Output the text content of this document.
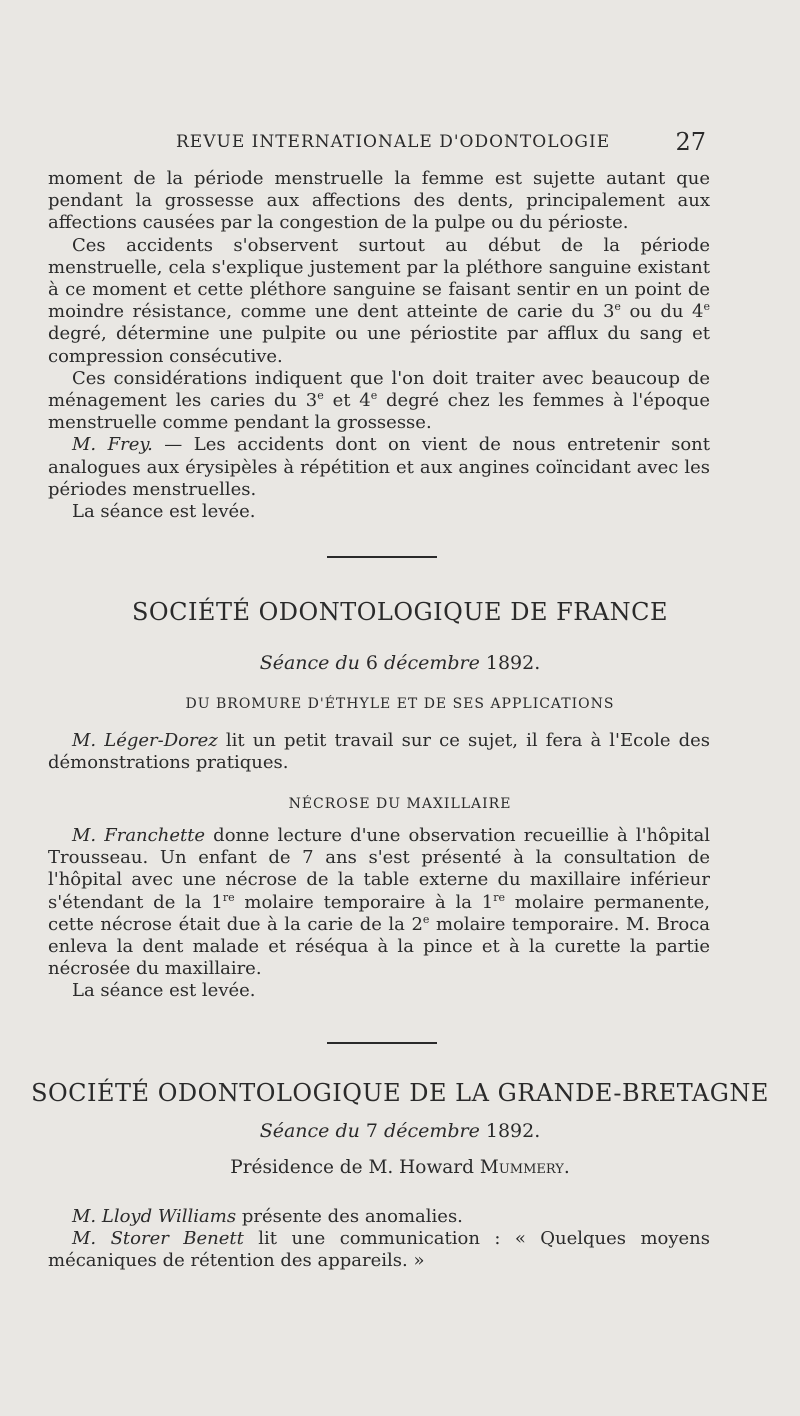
REVUE INTERNATIONALE D'ODONTOLOGIE	27

moment de la période menstruelle la femme est sujette autant que pendant la grossesse aux affections des dents, principalement aux affections causées par la congestion de la pulpe ou du périoste.

Ces accidents s'observent surtout au début de la période menstruelle, cela s'explique justement par la pléthore sanguine existant à ce moment et cette pléthore sanguine se faisant sentir en un point de moindre résistance, comme une dent atteinte de carie du 3e ou du 4e degré, détermine une pulpite ou une périostite par afflux du sang et compression consécutive.

Ces considérations indiquent que l'on doit traiter avec beaucoup de ménagement les caries du 3e et 4e degré chez les femmes à l'époque menstruelle comme pendant la grossesse.

M. Frey. — Les accidents dont on vient de nous entretenir sont analogues aux érysipèles à répétition et aux angines coïncidant avec les périodes menstruelles.

La séance est levée.

SOCIÉTÉ ODONTOLOGIQUE DE FRANCE
Séance du 6 décembre 1892.
DU BROMURE D'ÉTHYLE ET DE SES APPLICATIONS

M. Léger-Dorez lit un petit travail sur ce sujet, il fera à l'Ecole des démonstrations pratiques.

NÉCROSE DU MAXILLAIRE

M. Franchette donne lecture d'une observation recueillie à l'hôpital Trousseau. Un enfant de 7 ans s'est présenté à la consultation de l'hôpital avec une nécrose de la table externe du maxillaire inférieur s'étendant de la 1re molaire temporaire à la 1re molaire permanente, cette nécrose était due à la carie de la 2e molaire temporaire. M. Broca enleva la dent malade et réséqua à la pince et à la curette la partie nécrosée du maxillaire.

La séance est levée.

SOCIÉTÉ ODONTOLOGIQUE DE LA GRANDE-BRETAGNE
Séance du 7 décembre 1892.
Présidence de M. Howard Mummery.

M. Lloyd Williams présente des anomalies.

M. Storer Benett lit une communication : « Quelques moyens mécaniques de rétention des appareils. »
